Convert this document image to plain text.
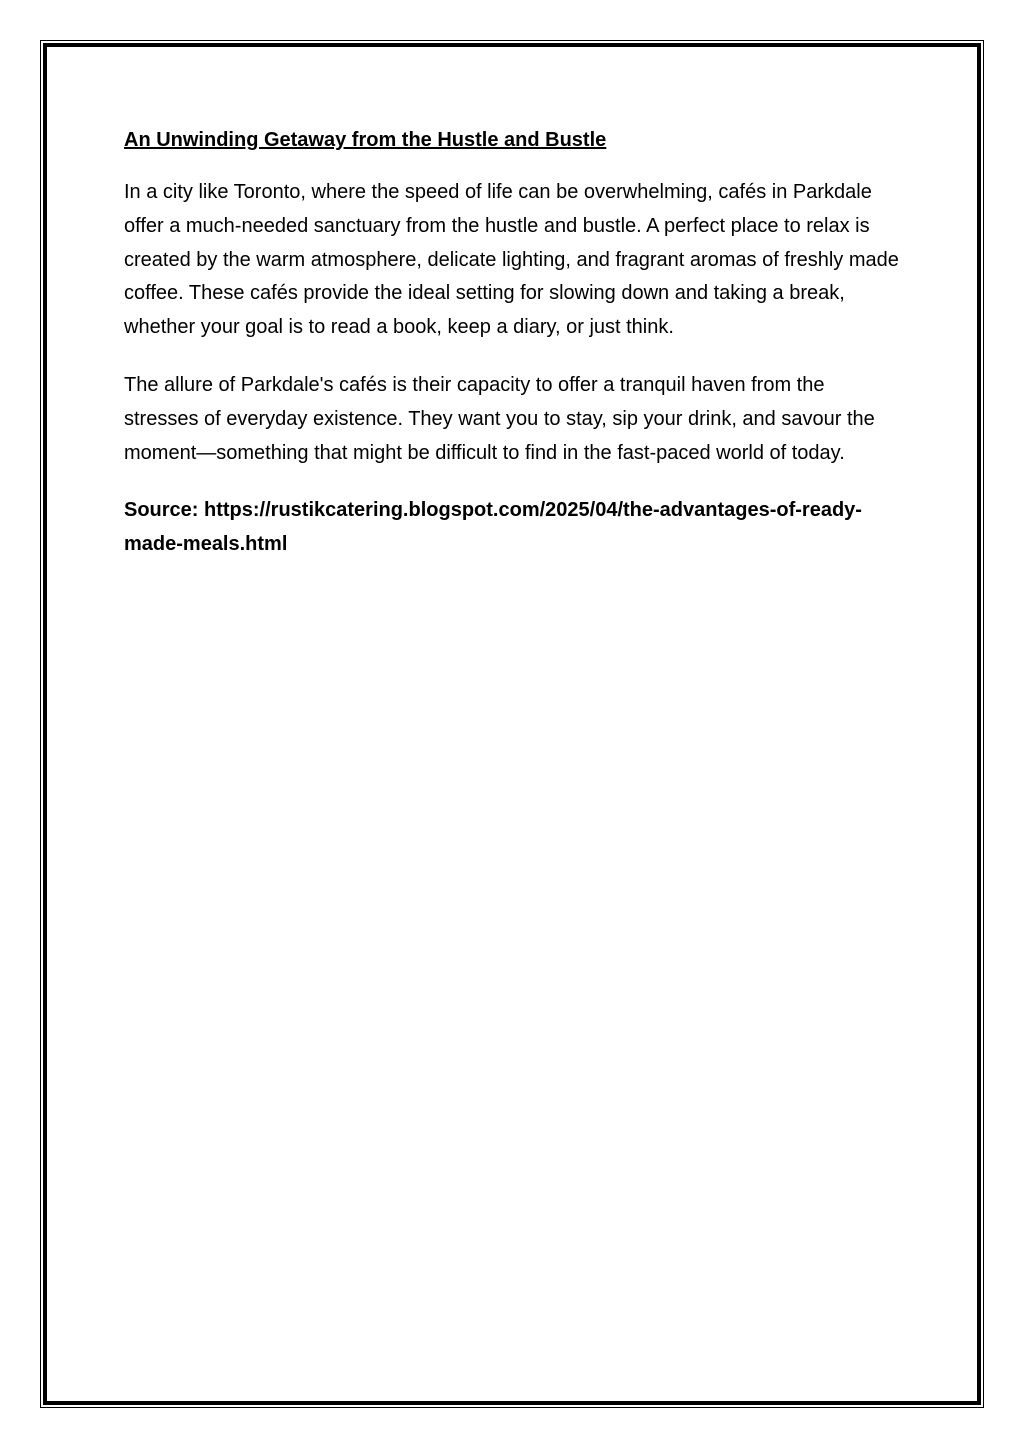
An Unwinding Getaway from the Hustle and Bustle

In a city like Toronto, where the speed of life can be overwhelming, cafés in Parkdale offer a much-needed sanctuary from the hustle and bustle. A perfect place to relax is created by the warm atmosphere, delicate lighting, and fragrant aromas of freshly made coffee. These cafés provide the ideal setting for slowing down and taking a break, whether your goal is to read a book, keep a diary, or just think.

The allure of Parkdale's cafés is their capacity to offer a tranquil haven from the stresses of everyday existence. They want you to stay, sip your drink, and savour the moment—something that might be difficult to find in the fast-paced world of today.

Source: https://rustikcatering.blogspot.com/2025/04/the-advantages-of-ready-made-meals.html
